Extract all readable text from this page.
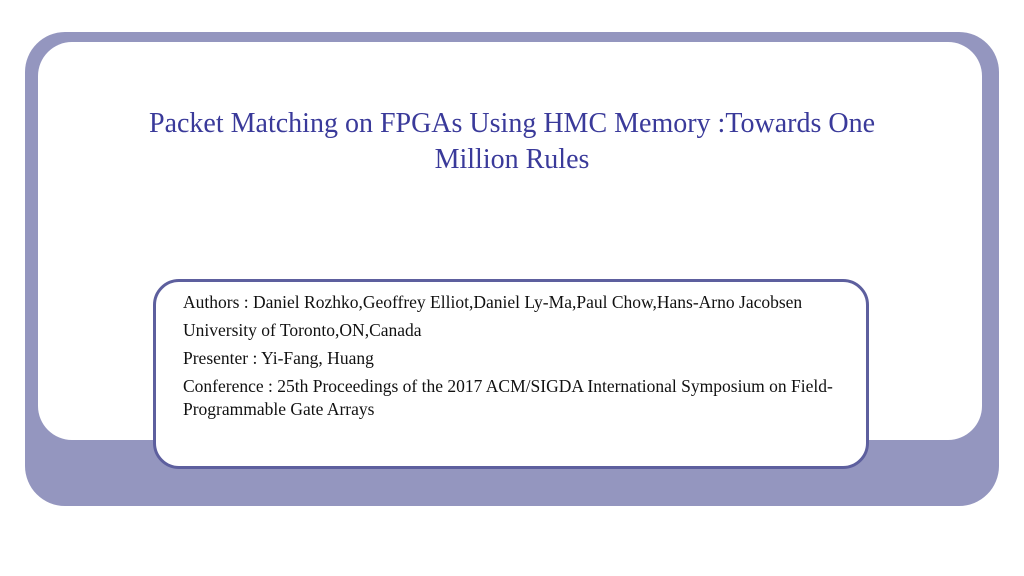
Packet Matching on FPGAs Using HMC Memory :Towards One Million Rules
Authors : Daniel Rozhko,Geoffrey Elliot,Daniel Ly-Ma,Paul Chow,Hans-Arno Jacobsen
University of Toronto,ON,Canada
Presenter : Yi-Fang, Huang
Conference : 25th Proceedings of the 2017 ACM/SIGDA International Symposium on Field-Programmable Gate Arrays
